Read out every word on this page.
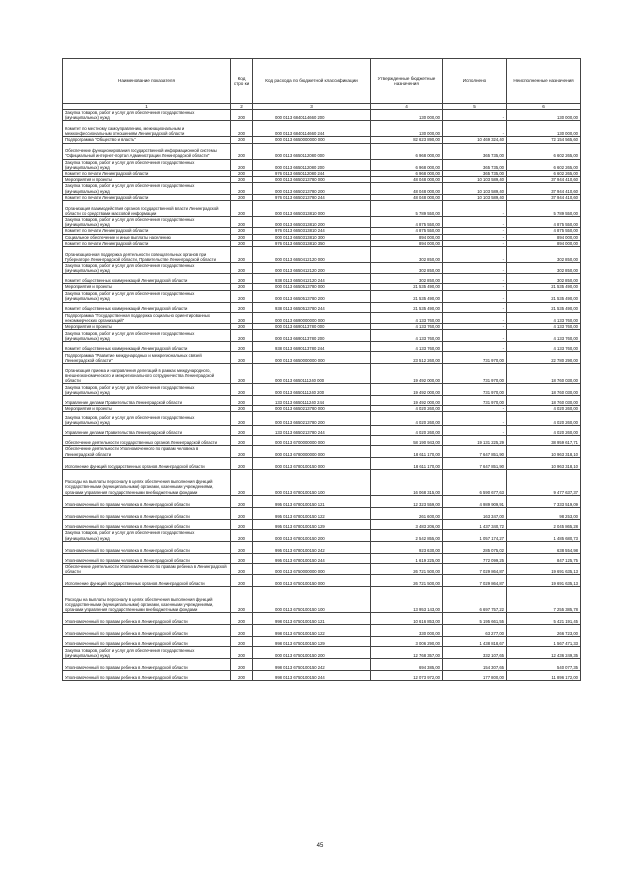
Наименование показателя	Код стро ки	Код расхода по бюджетной классификации	Утвержденные бюджетные назначения	Исполнено	Неисполненные назначения
1	2	3	4	5	6
Закупка товаров, работ и услуг для обеспечения государственных (муниципальных) нужд	200	000 0113 6840114660 200	130 000,00	-	130 000,00
Комитет по местному самоуправлению, межнациональным и межконфессиональным отношениям Ленинградской области	200	000 0113 6840114660 244	130 000,00	-	130 000,00
Подпрограмма "Общество и власть"	200	000 0113 6650000000 000	82 623 890,00	10 469 324,40	72 154 565,60
Обеспечение функционирования государственной информационной системы "Официальный интернет-портал Администрации Ленинградской области"	200	000 0113 6650112080 000	6 968 000,00	365 735,00	6 602 265,00
Закупка товаров, работ и услуг для обеспечения государственных (муниципальных) нужд	200	000 0113 6650112080 200	6 968 000,00	365 735,00	6 602 265,00
Комитет по печати Ленинградской области	200	976 0113 6650112080 244	6 968 000,00	365 735,00	6 602 265,00
Мероприятия и проекты	200	000 0113 6650213780 000	48 048 000,00	10 103 589,40	37 944 410,60
Закупка товаров, работ и услуг для обеспечения государственных (муниципальных) нужд	200	000 0113 6650213780 200	48 048 000,00	10 103 589,40	37 944 410,60
Комитет по печати Ленинградской области	200	976 0113 6650213780 244	48 048 000,00	10 103 589,40	37 944 410,60
Организация взаимодействия органов государственной власти Ленинградской области со средствами массовой информации	200	000 0113 6650313810 000	5 789 550,00	-	5 789 550,00
Закупка товаров, работ и услуг для обеспечения государственных (муниципальных) нужд	200	000 0113 6650313810 200	4 875 550,00	-	4 875 550,00
Комитет по печати Ленинградской области	200	976 0113 6650313810 244	4 875 550,00	-	4 875 550,00
Социальное обеспечение и иные выплаты населению	200	000 0113 6650313810 300	894 000,00	-	894 000,00
Комитет по печати Ленинградской области	200	976 0113 6650313810 350	894 000,00	-	894 000,00
Организационная поддержка деятельности совещательных органов при Губернаторе Ленинградской области, Правительстве Ленинградской области	200	000 0113 6650412120 000	302 850,00	-	302 850,00
Закупка товаров, работ и услуг для обеспечения государственных (муниципальных) нужд	200	000 0113 6650412120 200	302 850,00	-	302 850,00
Комитет общественных коммуникаций Ленинградской области	200	938 0113 6650412120 244	302 850,00	-	302 850,00
Мероприятия и проекты	200	000 0113 6650513780 000	21 535 490,00	-	21 535 490,00
Закупка товаров, работ и услуг для обеспечения государственных (муниципальных) нужд	200	000 0113 6650513780 200	21 535 490,00	-	21 535 490,00
Комитет общественных коммуникаций Ленинградской области	200	938 0113 6650513780 244	21 535 490,00	-	21 535 490,00
Подпрограмма "Государственная поддержка социально ориентированных некоммерческих организаций"	200	000 0113 6690000000 000	4 133 760,00	-	4 133 760,00
Мероприятия и проекты	200	000 0113 6690113780 000	4 133 760,00	-	4 133 760,00
Закупка товаров, работ и услуг для обеспечения государственных (муниципальных) нужд	200	000 0113 6690113780 200	4 133 760,00	-	4 133 760,00
Комитет общественных коммуникаций Ленинградской области	200	938 0113 6690113780 244	4 133 760,00	-	4 133 760,00
Подпрограмма "Развитие международных и межрегиональных связей Ленинградской области"	200	000 0113 6650000000 000	23 512 260,00	731 970,00	22 780 290,00
Организация приема и направления делегаций в рамках международного, внешнеэкономического и межрегионального сотрудничества Ленинградской области	200	000 0113 6650111240 000	19 492 000,00	731 970,00	18 760 030,00
Закупка товаров, работ и услуг для обеспечения государственных (муниципальных) нужд	200	000 0113 6650111240 200	19 492 000,00	731 970,00	18 760 030,00
Управление делами Правительства Ленинградской области	200	133 0113 6650111240 244	19 492 000,00	731 970,00	18 760 030,00
Мероприятия и проекты	200	000 0113 6650213780 000	4 020 260,00	-	4 020 260,00
Закупка товаров, работ и услуг для обеспечения государственных (муниципальных) нужд	200	000 0113 6650213780 200	4 020 260,00	-	4 020 260,00
Управление делами Правительства Ленинградской области	200	133 0113 6650213780 244	4 020 260,00	-	4 020 260,00
Обеспечение деятельности государственных органов Ленинградской области	200	000 0113 6700000000 000	58 190 943,00	19 131 225,29	38 959 617,71
Обеспечение деятельности Уполномоченного по правам человека в Ленинградской области	200	000 0113 6780000000 000	18 611 170,00	7 647 851,90	10 963 318,10
Исполнение функций государственных органов Ленинградской области	200	000 0113 6780100150 000	18 611 170,00	7 647 851,90	10 963 318,10
Расходы на выплаты персоналу в целях обеспечения выполнения функций государственными (муниципальными) органами, казенными учреждениями, органами управления государственными внебюджетными фондами	200	000 0113 6780100150 100	16 068 315,00	6 590 677,63	9 477 637,37
Уполномоченный по правам человека в Ленинградской области	200	995 0113 6780100150 121	12 323 559,00	4 989 909,91	7 333 519,09
Уполномоченный по правам человека в Ленинградской области	200	995 0113 6780100150 122	261 600,00	163 347,00	98 253,00
Уполномоченный по правам человека в Ленинградской области	200	995 0113 6780100150 129	3 483 206,00	1 437 340,72	2 045 865,28
Закупка товаров, работ и услуг для обеспечения государственных (муниципальных) нужд	200	000 0113 6780100150 200	2 542 855,00	1 057 174,27	1 485 680,73
Уполномоченный по правам человека в Ленинградской области	200	995 0113 6780100150 242	923 630,00	285 075,02	638 554,98
Уполномоченный по правам человека в Ленинградской области	200	995 0113 6780100150 244	1 619 225,00	772 099,25	847 125,75
Обеспечение деятельности Уполномоченного по правам ребенка в Ленинградской области	200	000 0113 6750000000 000	26 721 500,00	7 029 864,87	19 691 635,13
Исполнение функций государственных органов Ленинградской области	200	000 0113 6750100150 000	26 721 500,00	7 029 864,87	19 691 635,13
Расходы на выплаты персоналу в целях обеспечения выполнения функций государственными (муниципальными) органами, казенными учреждениями, органами управления государственными внебюджетными фондами	200	000 0113 6750100150 100	13 953 143,00	6 697 757,22	7 255 385,78
Уполномоченный по правам ребенка в Ленинградской области	200	998 0113 6750100150 121	10 616 853,00	5 195 661,55	5 421 191,45
Уполномоченный по правам ребенка в Ленинградской области	200	998 0113 6750100150 122	330 000,00	63 277,00	266 723,00
Уполномоченный по правам ребенка в Ленинградской области	200	998 0113 6750100150 129	3 006 290,00	1 438 818,67	1 567 471,33
Закупка товаров, работ и услуг для обеспечения государственных (муниципальных) нужд	200	000 0113 6750100150 200	12 768 357,00	332 107,65	12 436 249,35
Уполномоченный по правам ребенка в Ленинградской области	200	998 0113 6750100150 242	694 385,00	154 307,65	540 077,35
Уполномоченный по правам ребенка в Ленинградской области	200	998 0113 6750100150 244	12 073 972,00	177 800,00	11 896 172,00
45
